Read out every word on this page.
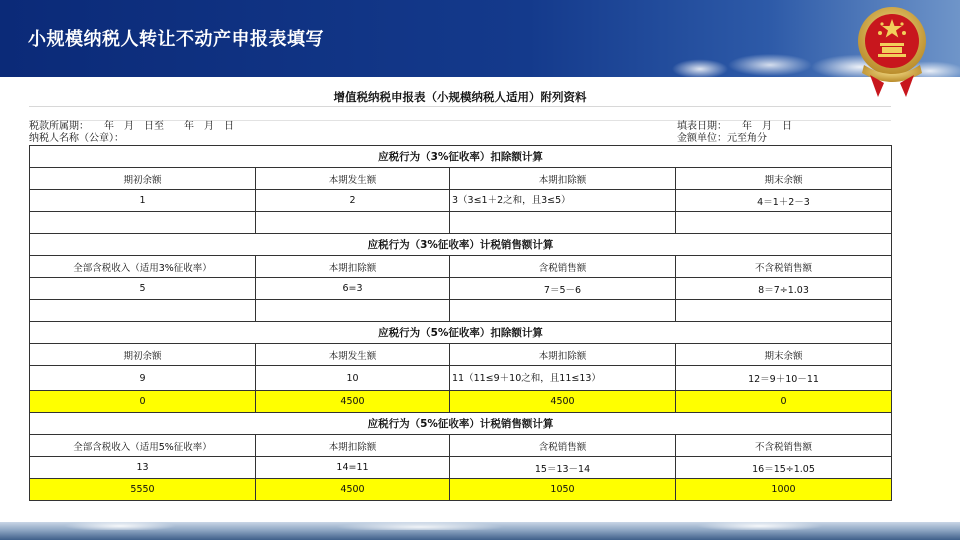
小规模纳税人转让不动产申报表填写
增值税纳税申报表（小规模纳税人适用）附列资料
税款所属期：　　年　月　日至　　年　月　日	填表日期：　　年　月　日
纳税人名称（公章）：	金额单位：元至角分
应税行为（3%征收率）扣除额计算			
期初余额	本期发生额	本期扣除额	期末余额
1	2	3（3≤1＋2之和，且3≤5）	4＝1＋2－3

应税行为（3%征收率）计税销售额计算			
全部含税收入（适用3%征收率）	本期扣除额	含税销售额	不含税销售额
5	6=3	7＝5－6	8＝7÷1.03

应税行为（5%征收率）扣除额计算			
期初余额	本期发生额	本期扣除额	期末余额
9	10	11（11≤9＋10之和，且11≤13）	12＝9＋10－11
0	4500	4500	0
应税行为（5%征收率）计税销售额计算			
全部含税收入（适用5%征收率）	本期扣除额	含税销售额	不含税销售额
13	14=11	15＝13－14	16＝15÷1.05
5550	4500	1050	1000
